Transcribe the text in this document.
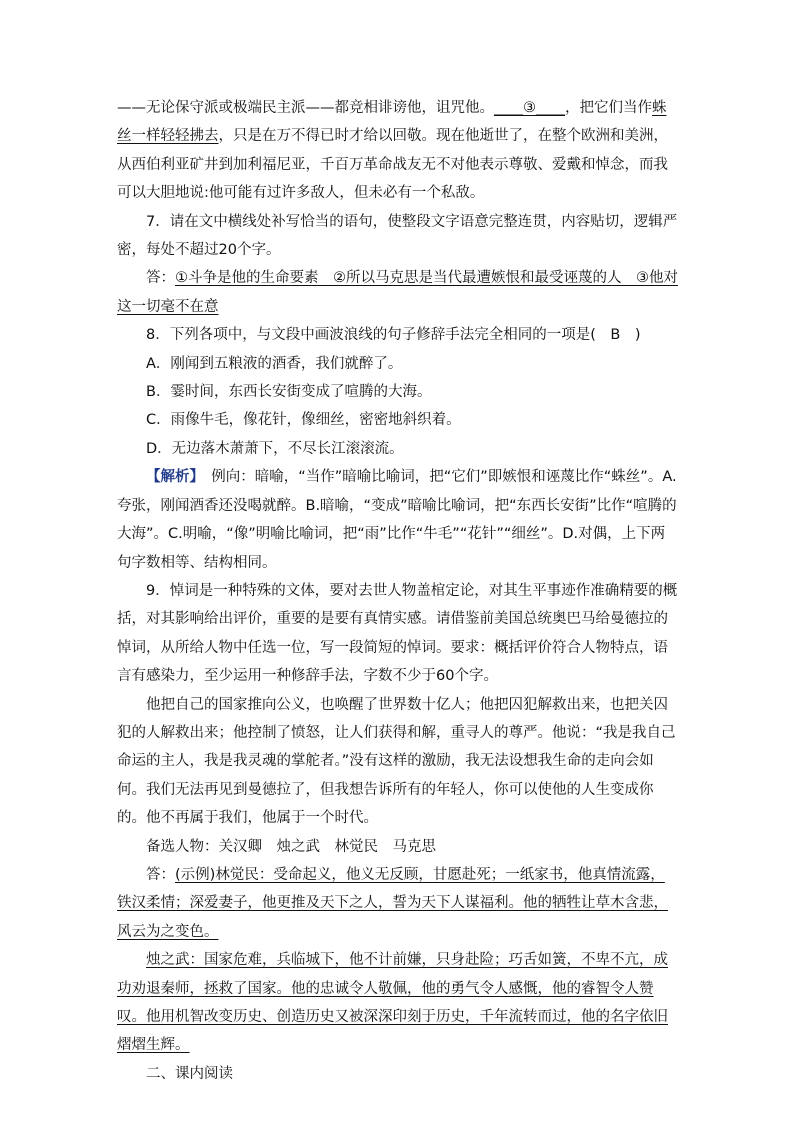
——无论保守派或极端民主派——都竞相诽谤他，诅咒他。____③____，把它们当作蛛丝一样轻轻拂去，只是在万不得已时才给以回敬。现在他逝世了，在整个欧洲和美洲，从西伯利亚矿井到加利福尼亚，千百万革命战友无不对他表示尊敬、爱戴和悼念，而我可以大胆地说:他可能有过许多敌人，但未必有一个私敌。

7．请在文中横线处补写恰当的语句，使整段文字语意完整连贯，内容贴切，逻辑严密，每处不超过20个字。

答：①斗争是他的生命要素　②所以马克思是当代最遭嫉恨和最受诬蔑的人　③他对这一切毫不在意

8．下列各项中，与文段中画波浪线的句子修辞手法完全相同的一项是(　B　)

A．刚闻到五粮液的酒香，我们就醉了。

B．霎时间，东西长安街变成了喧腾的大海。

C．雨像牛毛，像花针，像细丝，密密地斜织着。

D．无边落木萧萧下，不尽长江滚滚流。

【解析】　例向：暗喻，“当作”暗喻比喻词，把“它们”即嫉恨和诬蔑比作“蛛丝”。A.夸张，刚闻酒香还没喝就醉。B.暗喻，“变成”暗喻比喻词，把“东西长安街”比作“喧腾的大海”。C.明喻，“像”明喻比喻词，把“雨”比作“牛毛”“花针”“细丝”。D.对偶，上下两句字数相等、结构相同。

9．悼词是一种特殊的文体，要对去世人物盖棺定论，对其生平事迹作准确精要的概括，对其影响给出评价，重要的是要有真情实感。请借鉴前美国总统奥巴马给曼德拉的悼词，从所给人物中任选一位，写一段简短的悼词。要求：概括评价符合人物特点，语言有感染力，至少运用一种修辞手法，字数不少于60个字。

他把自己的国家推向公义，也唤醒了世界数十亿人；他把囚犯解救出来，也把关囚犯的人解救出来；他控制了愤怒，让人们获得和解，重寻人的尊严。他说：“我是我自己命运的主人，我是我灵魂的掌舵者。”没有这样的激励，我无法设想我生命的走向会如何。我们无法再见到曼德拉了，但我想告诉所有的年轻人，你可以使他的人生变成你的。他不再属于我们，他属于一个时代。

备选人物：关汉卿　烛之武　林觉民　马克思

答：(示例)林觉民：受命起义，他义无反顾，甘愿赴死；一纸家书，他真情流露，铁汉柔情；深爱妻子，他更推及天下之人，誓为天下人谋福利。他的牺牲让草木含悲，风云为之变色。

烛之武：国家危难，兵临城下，他不计前嫌，只身赴险；巧舌如簧，不卑不亢，成功劝退秦师，拯救了国家。他的忠诚令人敬佩，他的勇气令人感慨，他的睿智令人赞叹。他用机智改变历史、创造历史又被深深印刻于历史，千年流转而过，他的名字依旧熠熠生辉。

二、课内阅读
